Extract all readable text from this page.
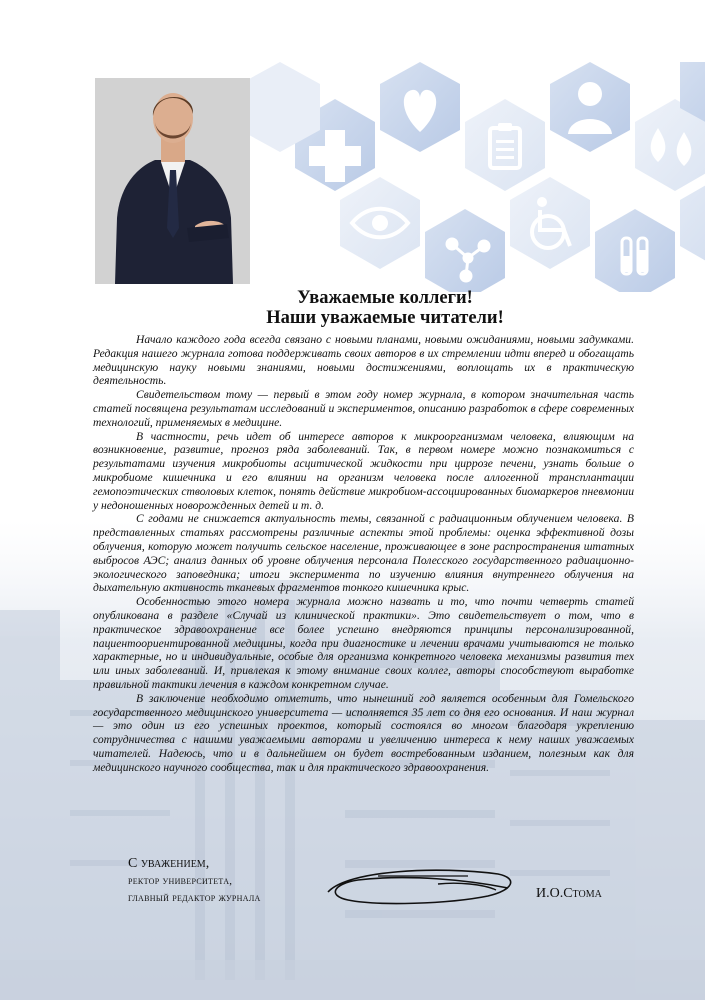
Уважаемые коллеги!
Наши уважаемые читатели!

Начало каждого года всегда связано с новыми планами, новыми ожиданиями, новыми задумками. Редакция нашего журнала готова поддерживать своих авторов в их стремлении идти вперед и обогащать медицинскую науку новыми знаниями, новыми достижениями, воплощать их в практическую деятельность.

Свидетельством тому — первый в этом году номер журнала, в котором значительная часть статей посвящена результатам исследований и экспериментов, описанию разработок в сфере современных технологий, применяемых в медицине.

В частности, речь идет об интересе авторов к микроорганизмам человека, влияющим на возникновение, развитие, прогноз ряда заболеваний. Так, в первом номере можно познакомиться с результатами изучения микробиоты асцитической жидкости при циррозе печени, узнать больше о микробиоме кишечника и его влиянии на организм человека после аллогенной трансплантации гемопоэтических стволовых клеток, понять действие микробиом-ассоциированных биомаркеров пневмонии у недоношенных новорожденных детей и т. д.

С годами не снижается актуальность темы, связанной с радиационным облучением человека. В представленных статьях рассмотрены различные аспекты этой проблемы: оценка эффективной дозы облучения, которую может получить сельское население, проживающее в зоне распространения штатных выбросов АЭС; анализ данных об уровне облучения персонала Полесского государственного радиационно-экологического заповедника; итоги эксперимента по изучению влияния внутреннего облучения на дыхательную активность тканевых фрагментов тонкого кишечника крыс.

Особенностью этого номера журнала можно назвать и то, что почти четверть статей опубликована в разделе «Случай из клинической практики». Это свидетельствует о том, что в практическое здравоохранение все более успешно внедряются принципы персонализированной, пациентоориентированной медицины, когда при диагностике и лечении врачами учитываются не только характерные, но и индивидуальные, особые для организма конкретного человека механизмы развития тех или иных заболеваний. И, привлекая к этому внимание своих коллег, авторы способствуют выработке правильной тактики лечения в каждом конкретном случае.

В заключение необходимо отметить, что нынешний год является особенным для Гомельского государственного медицинского университета — исполняется 35 лет со дня его основания. И наш журнал — это один из его успешных проектов, который состоялся во многом благодаря укреплению сотрудничества с нашими уважаемыми авторами и увеличению интереса к нему наших уважаемых читателей. Надеюсь, что и в дальнейшем он будет востребованным изданием, полезным как для медицинского научного сообщества, так и для практического здравоохранения.

С уважением,
ректор университета,
главный редактор журнала	И.О.Стома
